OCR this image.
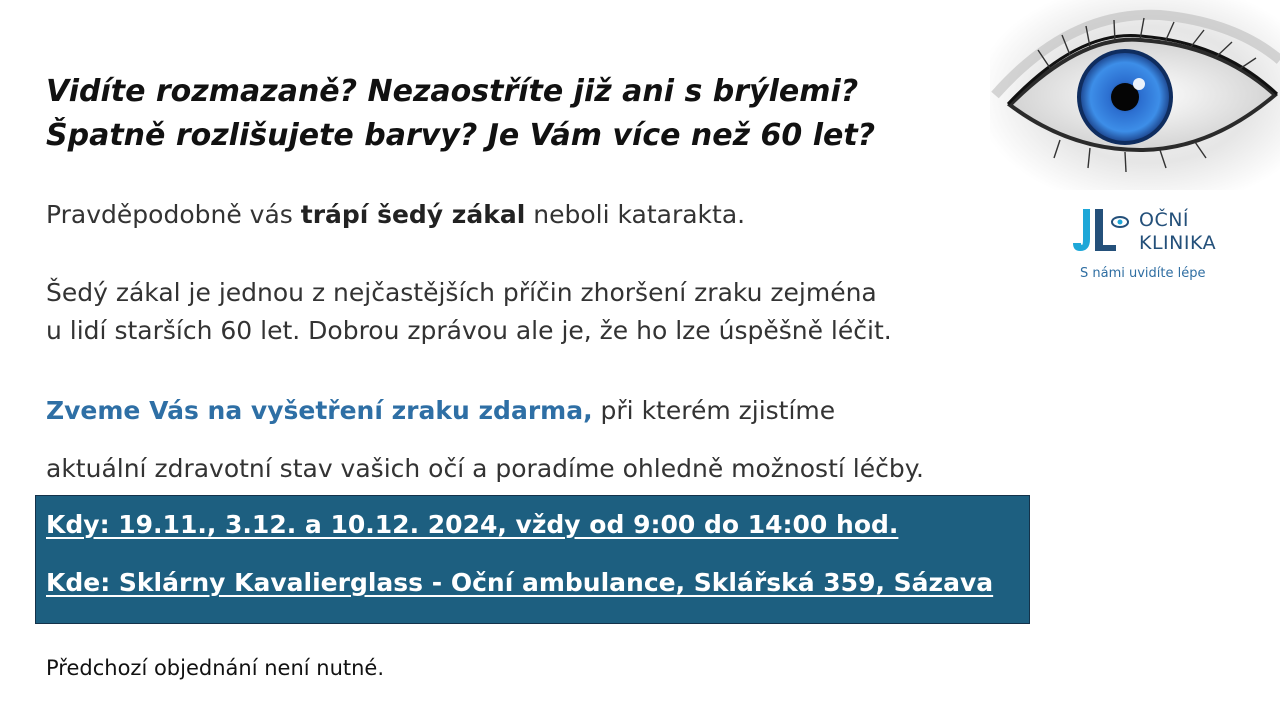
Vidíte rozmazaně? Nezaostříte již ani s brýlemi?
Špatně rozlišujete barvy? Je Vám více než 60 let?

Pravděpodobně vás trápí šedý zákal neboli katarakta.

Šedý zákal je jednou z nejčastějších příčin zhoršení zraku zejména
u lidí starších 60 let. Dobrou zprávou ale je, že ho lze úspěšně léčit.

Zveme Vás na vyšetření zraku zdarma, při kterém zjistíme

aktuální zdravotní stav vašich očí a poradíme ohledně možností léčby.

Kdy: 19.11., 3.12. a 10.12. 2024, vždy od 9:00 do 14:00 hod.
Kde: Sklárny Kavalierglass - Oční ambulance, Sklářská 359, Sázava

Předchozí objednání není nutné.

OČNÍ
KLINIKA
S námi uvidíte lépe
